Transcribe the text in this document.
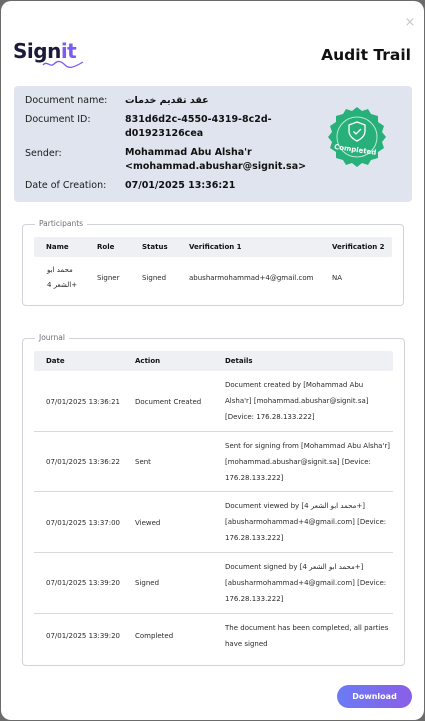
×
Signit	Audit Trail
Document name: عقد تقديم خدمات
Document ID:	831d6d2c-4550-4319-8c2d-
d01923126cea
Sender:	Mohammad Abu Alsha'r
<mohammad.abushar@signit.sa>
Date of Creation: 07/01/2025 13:36:21
Completed
Participants
Name	Role	Status	Verification 1	Verification 2
محمد ابو
الشعر 4+
Signer	Signed	abusharmohammad+4@gmail.com	NA
Journal
Date	Action	Details
07/01/2025 13:36:21 Document Created
Document created by [Mohammad Abu
Alsha'r] [mohammad.abushar@signit.sa]
[Device: 176.28.133.222]
07/01/2025 13:36:22 Sent
Sent for signing from [Mohammad Abu Alsha'r]
[mohammad.abushar@signit.sa] [Device:
176.28.133.222]
07/01/2025 13:37:00 Viewed
Document viewed by [محمد ابو الشعر 4+]
[abusharmohammad+4@gmail.com] [Device:
176.28.133.222]
07/01/2025 13:39:20 Signed
Document signed by [محمد ابو الشعر 4+]
[abusharmohammad+4@gmail.com] [Device:
176.28.133.222]
07/01/2025 13:39:20 Completed
The document has been completed, all parties
have signed
Download
